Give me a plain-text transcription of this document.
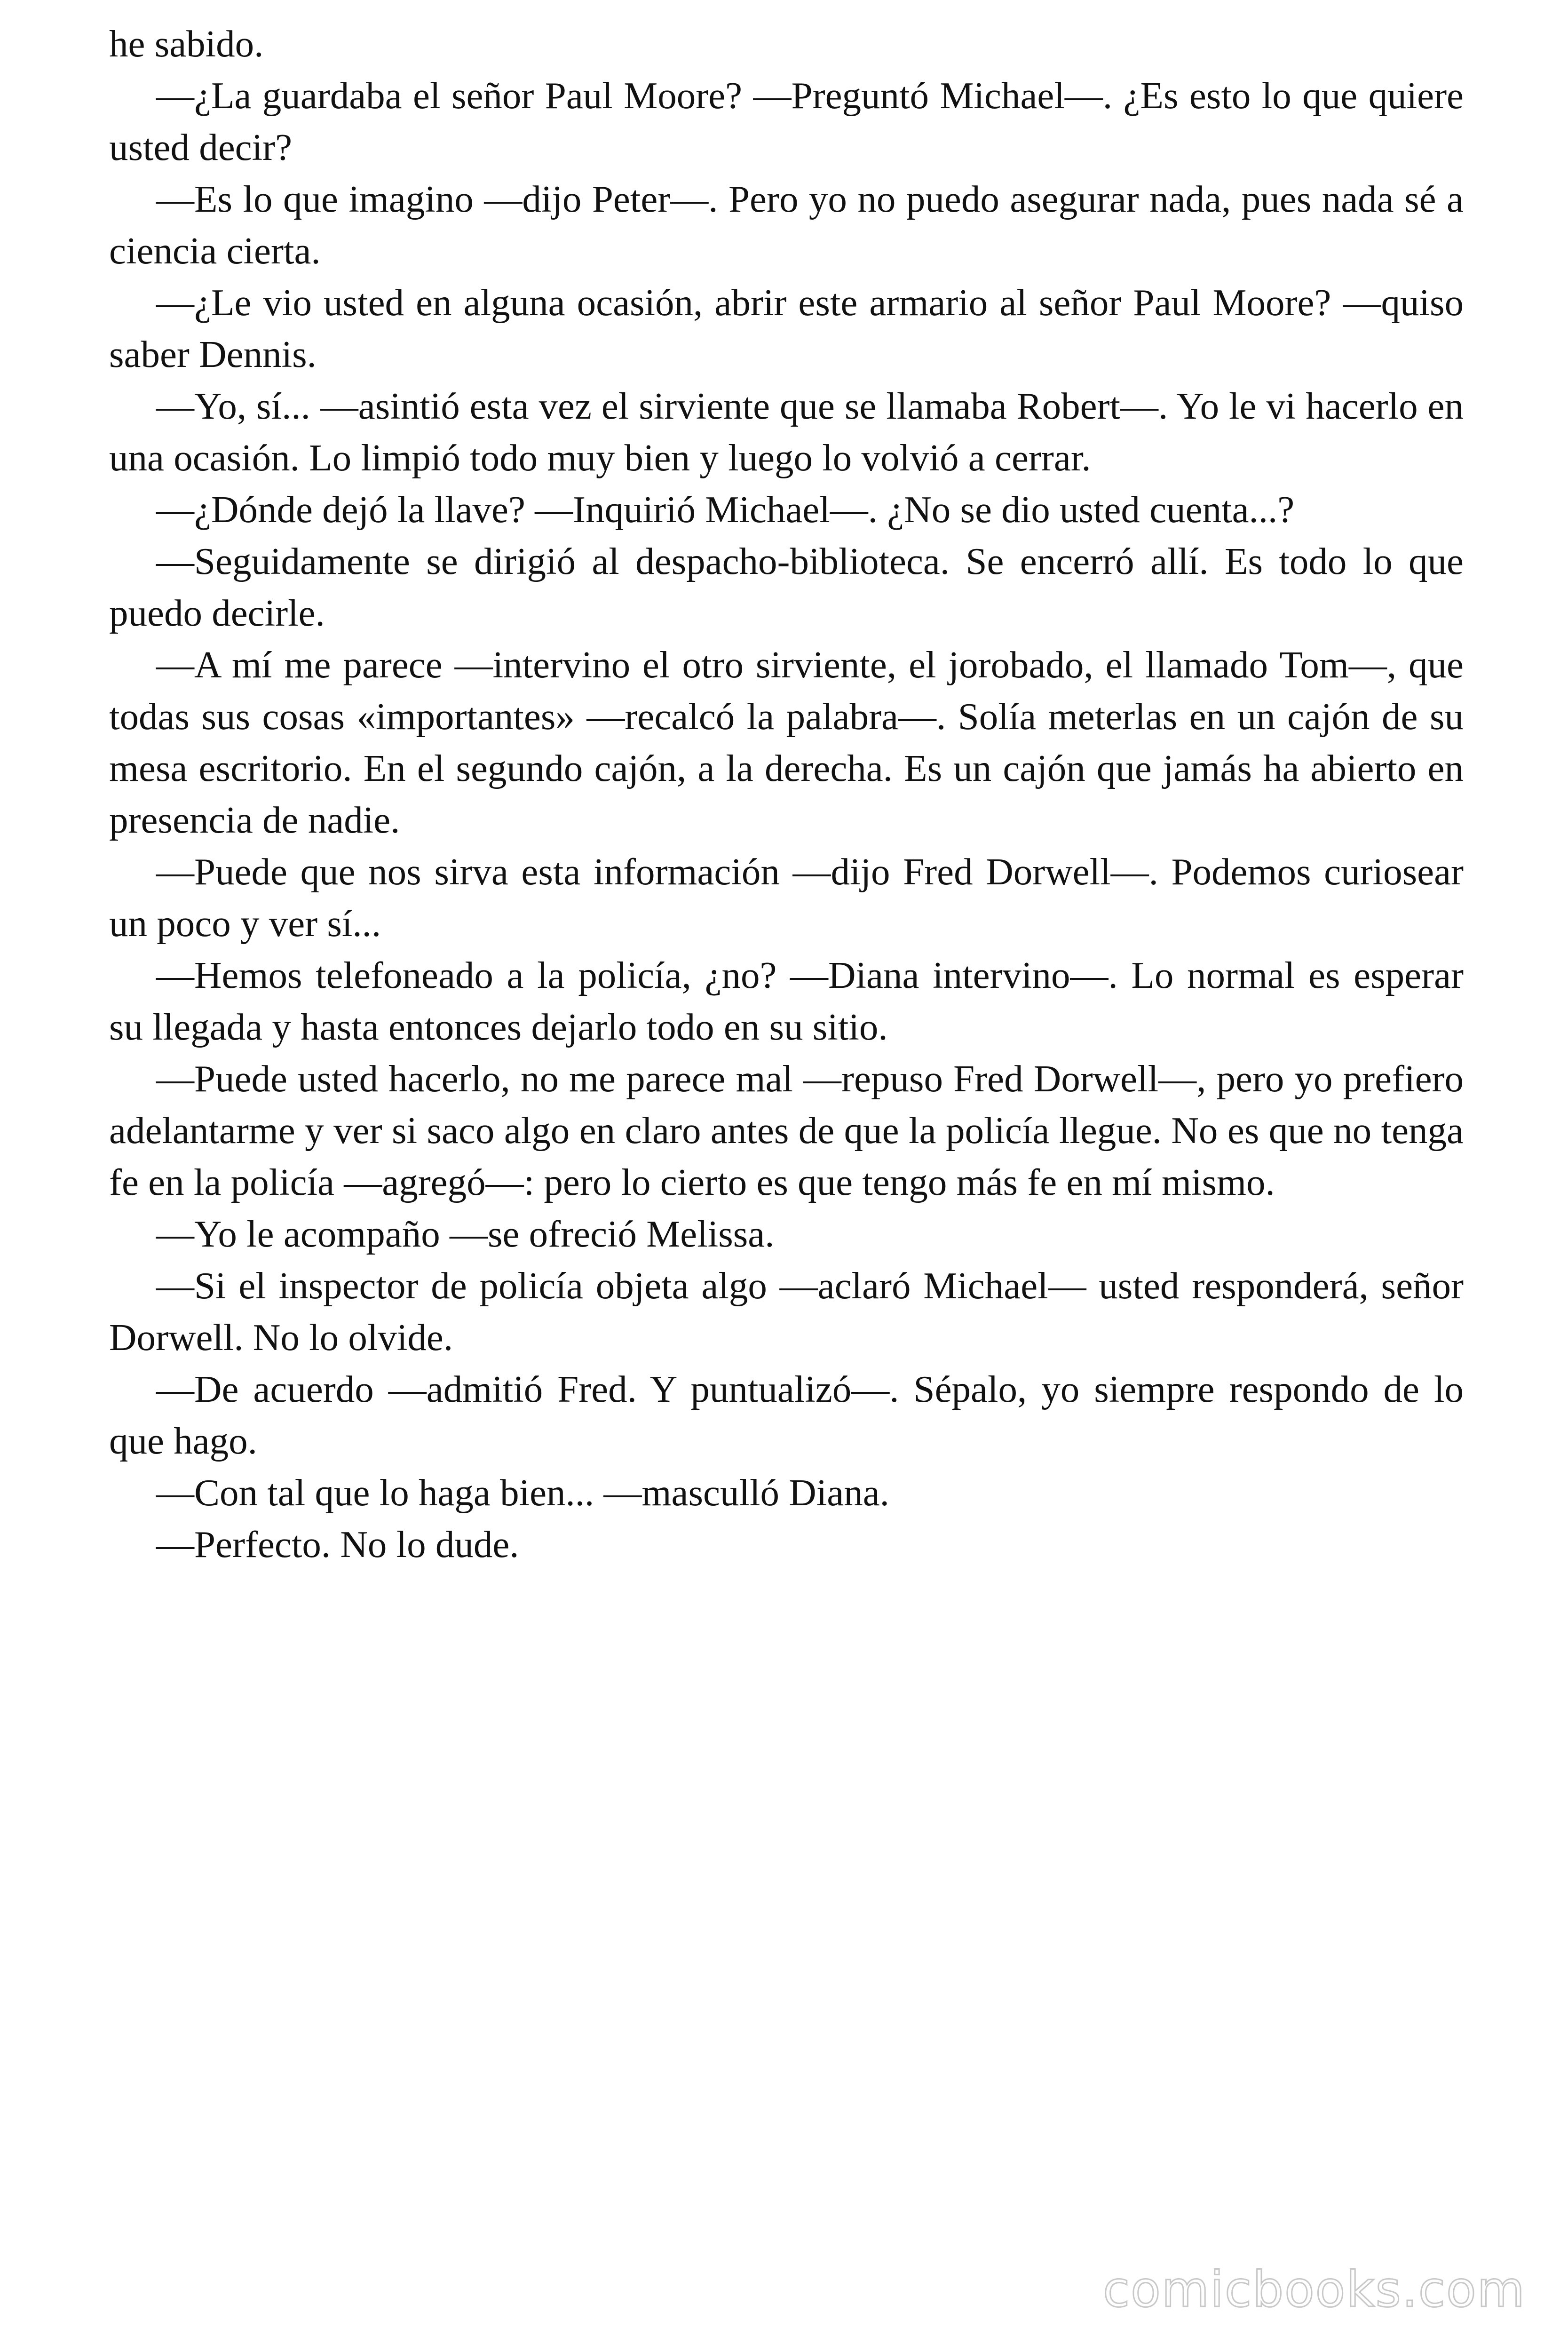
he sabido.

—¿La guardaba el señor Paul Moore? —Preguntó Michael—. ¿Es esto lo que quiere usted decir?

—Es lo que imagino —dijo Peter—. Pero yo no puedo asegurar nada, pues nada sé a ciencia cierta.

—¿Le vio usted en alguna ocasión, abrir este armario al señor Paul Moore? —quiso saber Dennis.

—Yo, sí... —asintió esta vez el sirviente que se llamaba Robert—. Yo le vi hacerlo en una ocasión. Lo limpió todo muy bien y luego lo volvió a cerrar.

—¿Dónde dejó la llave? —Inquirió Michael—. ¿No se dio usted cuenta...?

—Seguidamente se dirigió al despacho-biblioteca. Se encerró allí. Es todo lo que puedo decirle.

—A mí me parece —intervino el otro sirviente, el jorobado, el llamado Tom—, que todas sus cosas «importantes» —recalcó la palabra—. Solía meterlas en un cajón de su mesa escritorio. En el segundo cajón, a la derecha. Es un cajón que jamás ha abierto en presencia de nadie.

—Puede que nos sirva esta información —dijo Fred Dorwell—. Podemos curiosear un poco y ver sí...

—Hemos telefoneado a la policía, ¿no? —Diana intervino—. Lo normal es esperar su llegada y hasta entonces dejarlo todo en su sitio.

—Puede usted hacerlo, no me parece mal —repuso Fred Dorwell—, pero yo prefiero adelantarme y ver si saco algo en claro antes de que la policía llegue. No es que no tenga fe en la policía —agregó—: pero lo cierto es que tengo más fe en mí mismo.

—Yo le acompaño —se ofreció Melissa.

—Si el inspector de policía objeta algo —aclaró Michael— usted responderá, señor Dorwell. No lo olvide.

—De acuerdo —admitió Fred. Y puntualizó—. Sépalo, yo siempre respondo de lo que hago.

—Con tal que lo haga bien... —masculló Diana.

—Perfecto. No lo dude.

comicbooks.com
